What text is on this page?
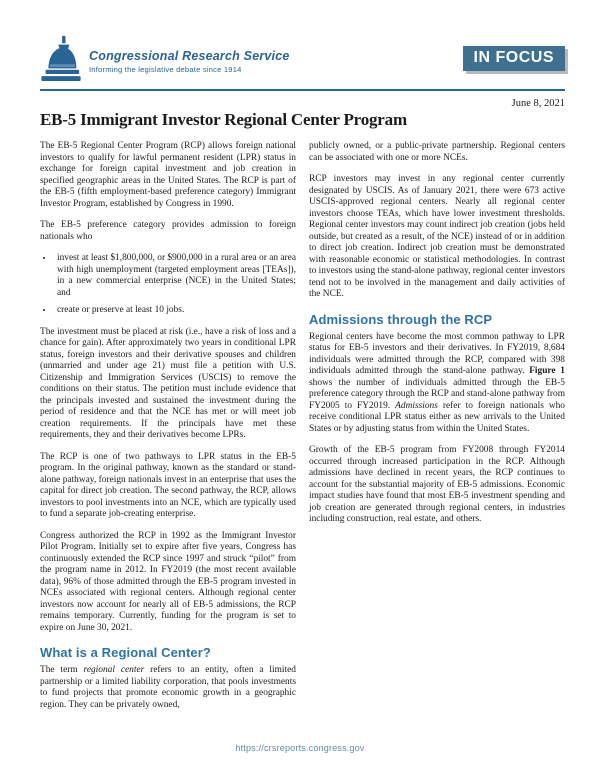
Congressional Research Service
Informing the legislative debate since 1914
IN FOCUS
June 8, 2021
EB-5 Immigrant Investor Regional Center Program

The EB-5 Regional Center Program (RCP) allows foreign national investors to qualify for lawful permanent resident (LPR) status in exchange for foreign capital investment and job creation in specified geographic areas in the United States. The RCP is part of the EB-5 (fifth employment-based preference category) Immigrant Investor Program, established by Congress in 1990.

The EB-5 preference category provides admission to foreign nationals who

• invest at least $1,800,000, or $900,000 in a rural area or an area with high unemployment (targeted employment areas [TEAs]), in a new commercial enterprise (NCE) in the United States; and
• create or preserve at least 10 jobs.

The investment must be placed at risk (i.e., have a risk of loss and a chance for gain). After approximately two years in conditional LPR status, foreign investors and their derivative spouses and children (unmarried and under age 21) must file a petition with U.S. Citizenship and Immigration Services (USCIS) to remove the conditions on their status. The petition must include evidence that the principals invested and sustained the investment during the period of residence and that the NCE has met or will meet job creation requirements. If the principals have met these requirements, they and their derivatives become LPRs.

The RCP is one of two pathways to LPR status in the EB-5 program. In the original pathway, known as the standard or stand-alone pathway, foreign nationals invest in an enterprise that uses the capital for direct job creation. The second pathway, the RCP, allows investors to pool investments into an NCE, which are typically used to fund a separate job-creating enterprise.

Congress authorized the RCP in 1992 as the Immigrant Investor Pilot Program. Initially set to expire after five years, Congress has continuously extended the RCP since 1997 and struck “pilot” from the program name in 2012. In FY2019 (the most recent available data), 96% of those admitted through the EB-5 program invested in NCEs associated with regional centers. Although regional center investors now account for nearly all of EB-5 admissions, the RCP remains temporary. Currently, funding for the program is set to expire on June 30, 2021.

What is a Regional Center?

The term regional center refers to an entity, often a limited partnership or a limited liability corporation, that pools investments to fund projects that promote economic growth in a geographic region. They can be privately owned,

publicly owned, or a public-private partnership. Regional centers can be associated with one or more NCEs.

RCP investors may invest in any regional center currently designated by USCIS. As of January 2021, there were 673 active USCIS-approved regional centers. Nearly all regional center investors choose TEAs, which have lower investment thresholds. Regional center investors may count indirect job creation (jobs held outside, but created as a result, of the NCE) instead of or in addition to direct job creation. Indirect job creation must be demonstrated with reasonable economic or statistical methodologies. In contrast to investors using the stand-alone pathway, regional center investors tend not to be involved in the management and daily activities of the NCE.

Admissions through the RCP

Regional centers have become the most common pathway to LPR status for EB-5 investors and their derivatives. In FY2019, 8,684 individuals were admitted through the RCP, compared with 398 individuals admitted through the stand-alone pathway. Figure 1 shows the number of individuals admitted through the EB-5 preference category through the RCP and stand-alone pathway from FY2005 to FY2019. Admissions refer to foreign nationals who receive conditional LPR status either as new arrivals to the United States or by adjusting status from within the United States.

Growth of the EB-5 program from FY2008 through FY2014 occurred through increased participation in the RCP. Although admissions have declined in recent years, the RCP continues to account for the substantial majority of EB-5 admissions. Economic impact studies have found that most EB-5 investment spending and job creation are generated through regional centers, in industries including construction, real estate, and others.

https://crsreports.congress.gov
